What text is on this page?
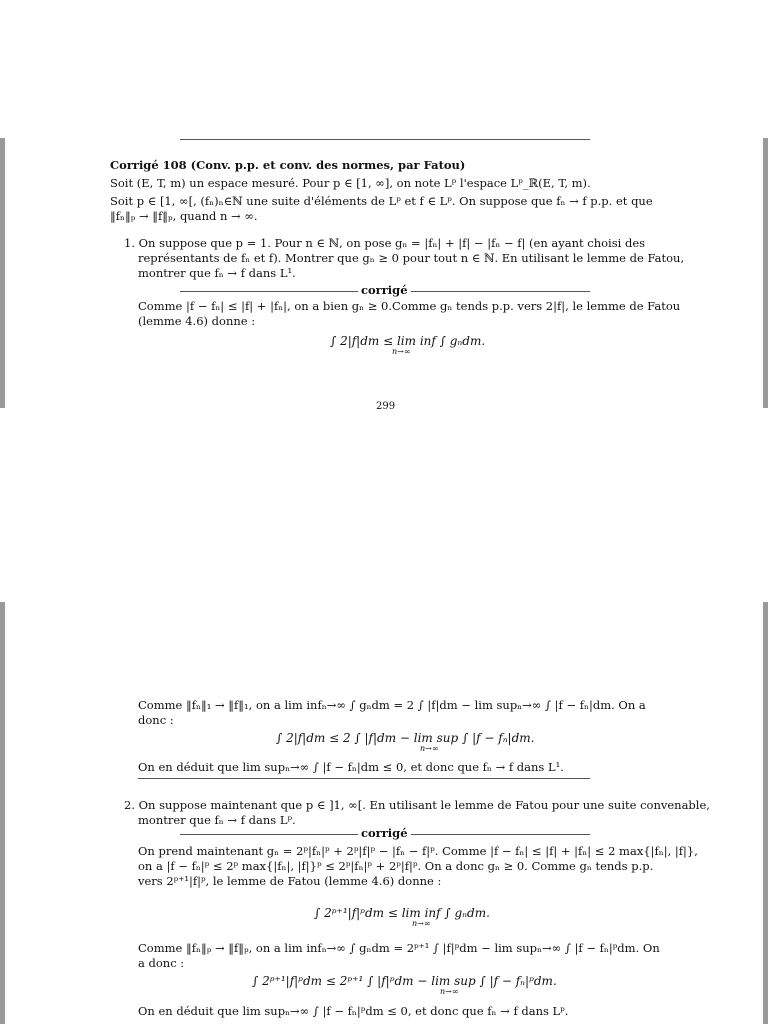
Corrigé 108 (Conv. p.p. et conv. des normes, par Fatou)
Soit (E, T, m) un espace mesuré. Pour p ∈ [1, ∞], on note Lᵖ l'espace Lᵖ_ℝ(E, T, m).
Soit p ∈ [1, ∞[, (fₙ)ₙ∈ℕ une suite d'éléments de Lᵖ et f ∈ Lᵖ. On suppose que fₙ → f p.p. et que
‖fₙ‖ₚ → ‖f‖ₚ, quand n → ∞.
1. On suppose que p = 1. Pour n ∈ ℕ, on pose gₙ = |fₙ| + |f| − |fₙ − f| (en ayant choisi des
représentants de fₙ et f). Montrer que gₙ ≥ 0 pour tout n ∈ ℕ. En utilisant le lemme de Fatou,
montrer que fₙ → f dans L¹.
corrigé
Comme |f − fₙ| ≤ |f| + |fₙ|, on a bien gₙ ≥ 0.Comme gₙ tends p.p. vers 2|f|, le lemme de Fatou
(lemme 4.6) donne :
∫ 2|f|dm ≤ lim inf ∫ gₙdm.
n→∞
299
Comme ‖fₙ‖₁ → ‖f‖₁, on a lim infₙ→∞ ∫ gₙdm = 2 ∫ |f|dm − lim supₙ→∞ ∫ |f − fₙ|dm. On a
donc :
∫ 2|f|dm ≤ 2 ∫ |f|dm − lim sup ∫ |f − fₙ|dm.
n→∞
On en déduit que lim supₙ→∞ ∫ |f − fₙ|dm ≤ 0, et donc que fₙ → f dans L¹.
2. On suppose maintenant que p ∈ ]1, ∞[. En utilisant le lemme de Fatou pour une suite convenable,
montrer que fₙ → f dans Lᵖ.
corrigé
On prend maintenant gₙ = 2ᵖ|fₙ|ᵖ + 2ᵖ|f|ᵖ − |fₙ − f|ᵖ. Comme |f − fₙ| ≤ |f| + |fₙ| ≤ 2 max{|fₙ|, |f|},
on a |f − fₙ|ᵖ ≤ 2ᵖ max{|fₙ|, |f|}ᵖ ≤ 2ᵖ|fₙ|ᵖ + 2ᵖ|f|ᵖ. On a donc gₙ ≥ 0. Comme gₙ tends p.p.
vers 2ᵖ⁺¹|f|ᵖ, le lemme de Fatou (lemme 4.6) donne :
∫ 2ᵖ⁺¹|f|ᵖdm ≤ lim inf ∫ gₙdm.
n→∞
Comme ‖fₙ‖ₚ → ‖f‖ₚ, on a lim infₙ→∞ ∫ gₙdm = 2ᵖ⁺¹ ∫ |f|ᵖdm − lim supₙ→∞ ∫ |f − fₙ|ᵖdm. On
a donc :
∫ 2ᵖ⁺¹|f|ᵖdm ≤ 2ᵖ⁺¹ ∫ |f|ᵖdm − lim sup ∫ |f − fₙ|ᵖdm.
n→∞
On en déduit que lim supₙ→∞ ∫ |f − fₙ|ᵖdm ≤ 0, et donc que fₙ → f dans Lᵖ.
